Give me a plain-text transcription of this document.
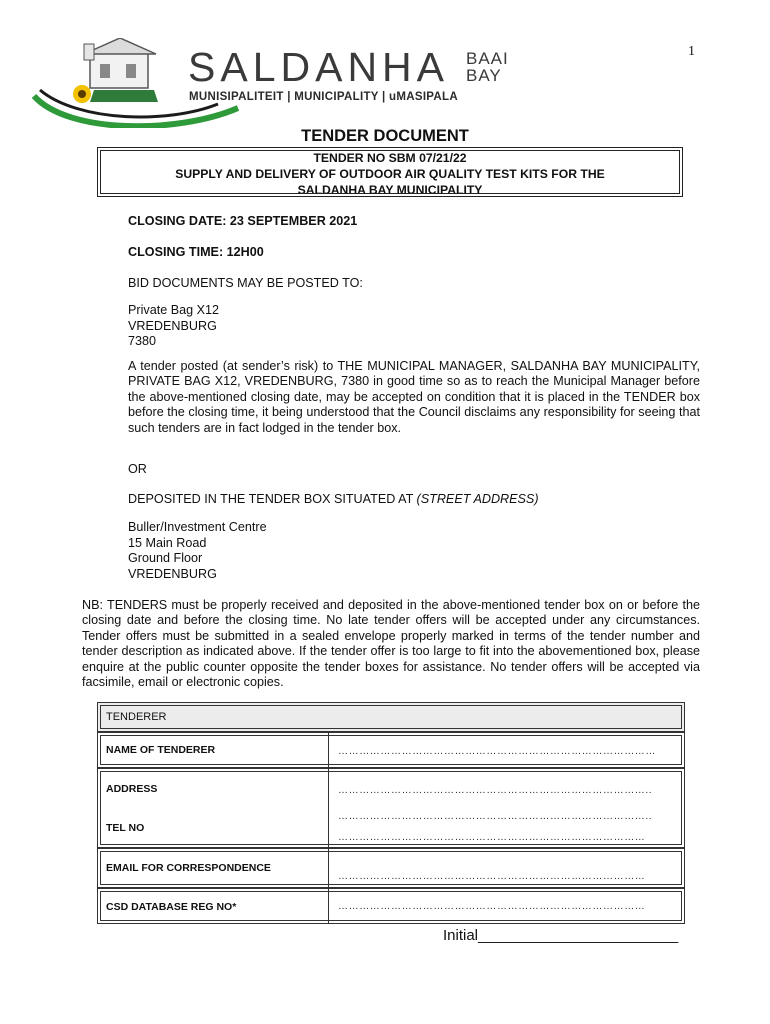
1
SALDANHA BAAI
BAY
MUNISIPALITEIT | MUNICIPALITY | uMASIPALA
TENDER DOCUMENT
TENDER NO SBM 07/21/22
SUPPLY AND DELIVERY OF OUTDOOR AIR QUALITY TEST KITS FOR THE
SALDANHA BAY MUNICIPALITY
CLOSING DATE: 23 SEPTEMBER 2021
CLOSING TIME: 12H00
BID DOCUMENTS MAY BE POSTED TO:
Private Bag X12
VREDENBURG
7380
A tender posted (at sender’s risk) to THE MUNICIPAL MANAGER, SALDANHA BAY MUNICIPALITY, PRIVATE BAG X12, VREDENBURG, 7380 in good time so as to reach the Municipal Manager before the above-mentioned closing date, may be accepted on condition that it is placed in the TENDER box before the closing time, it being understood that the Council disclaims any responsibility for seeing that such tenders are in fact lodged in the tender box.
OR
DEPOSITED IN THE TENDER BOX SITUATED AT (STREET ADDRESS)
Buller/Investment Centre
15 Main Road
Ground Floor
VREDENBURG
NB: TENDERS must be properly received and deposited in the above-mentioned tender box on or before the closing date and before the closing time. No late tender offers will be accepted under any circumstances. Tender offers must be submitted in a sealed envelope properly marked in terms of the tender number and tender description as indicated above. If the tender offer is too large to fit into the abovementioned box, please enquire at the public counter opposite the tender boxes for assistance. No tender offers will be accepted via facsimile, email or electronic copies.
TENDERER
NAME OF TENDERER	………………………………………………………………………………
ADDRESS
TEL NO
……………………………………………………………………………..
……………………………………………………………………………..
……………………………………………………………………………
EMAIL FOR CORRESPONDENCE
……………………………………………………………………………
CSD DATABASE REG NO*	……………………………………………………………………………
Initial________________________
